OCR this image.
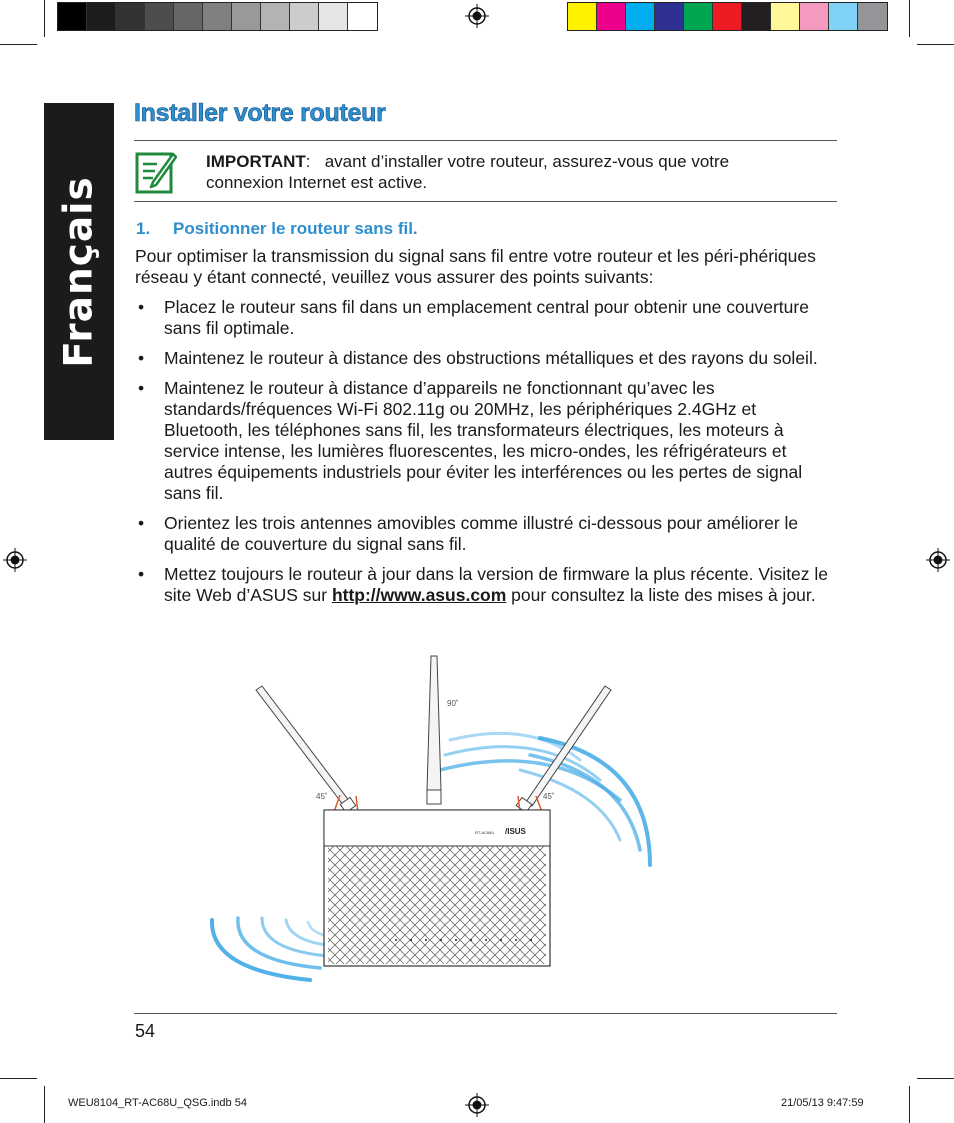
Français
Installer votre routeur
IMPORTANT: avant d’installer votre routeur, assurez-vous que votre
connexion Internet est active.
1. Positionner le routeur sans fil.
Pour optimiser la transmission du signal sans fil entre votre routeur et les péri-phériques réseau y étant connecté, veuillez vous assurer des points suivants:
• Placez le routeur sans fil dans un emplacement central pour obtenir une couverture sans fil optimale.
• Maintenez le routeur à distance des obstructions métalliques et des rayons du soleil.
• Maintenez le routeur à distance d’appareils ne fonctionnant qu’avec les standards/fréquences Wi-Fi 802.11g ou 20MHz, les périphériques 2.4GHz et Bluetooth, les téléphones sans fil, les transformateurs électriques, les moteurs à service intense, les lumières fluorescentes, les micro-ondes, les réfrigérateurs et autres équipements industriels pour éviter les interférences ou les pertes de signal sans fil.
• Orientez les trois antennes amovibles comme illustré ci-dessous pour améliorer le qualité de couverture du signal sans fil.
• Mettez toujours le routeur à jour dans la version de firmware la plus récente. Visitez le site Web d’ASUS sur http://www.asus.com pour consultez la liste des mises à jour.
90˚
45˚	45˚
/ISUS
RT-AC68U
54
WEU8104_RT-AC68U_QSG.indb 54	21/05/13 9:47:59
